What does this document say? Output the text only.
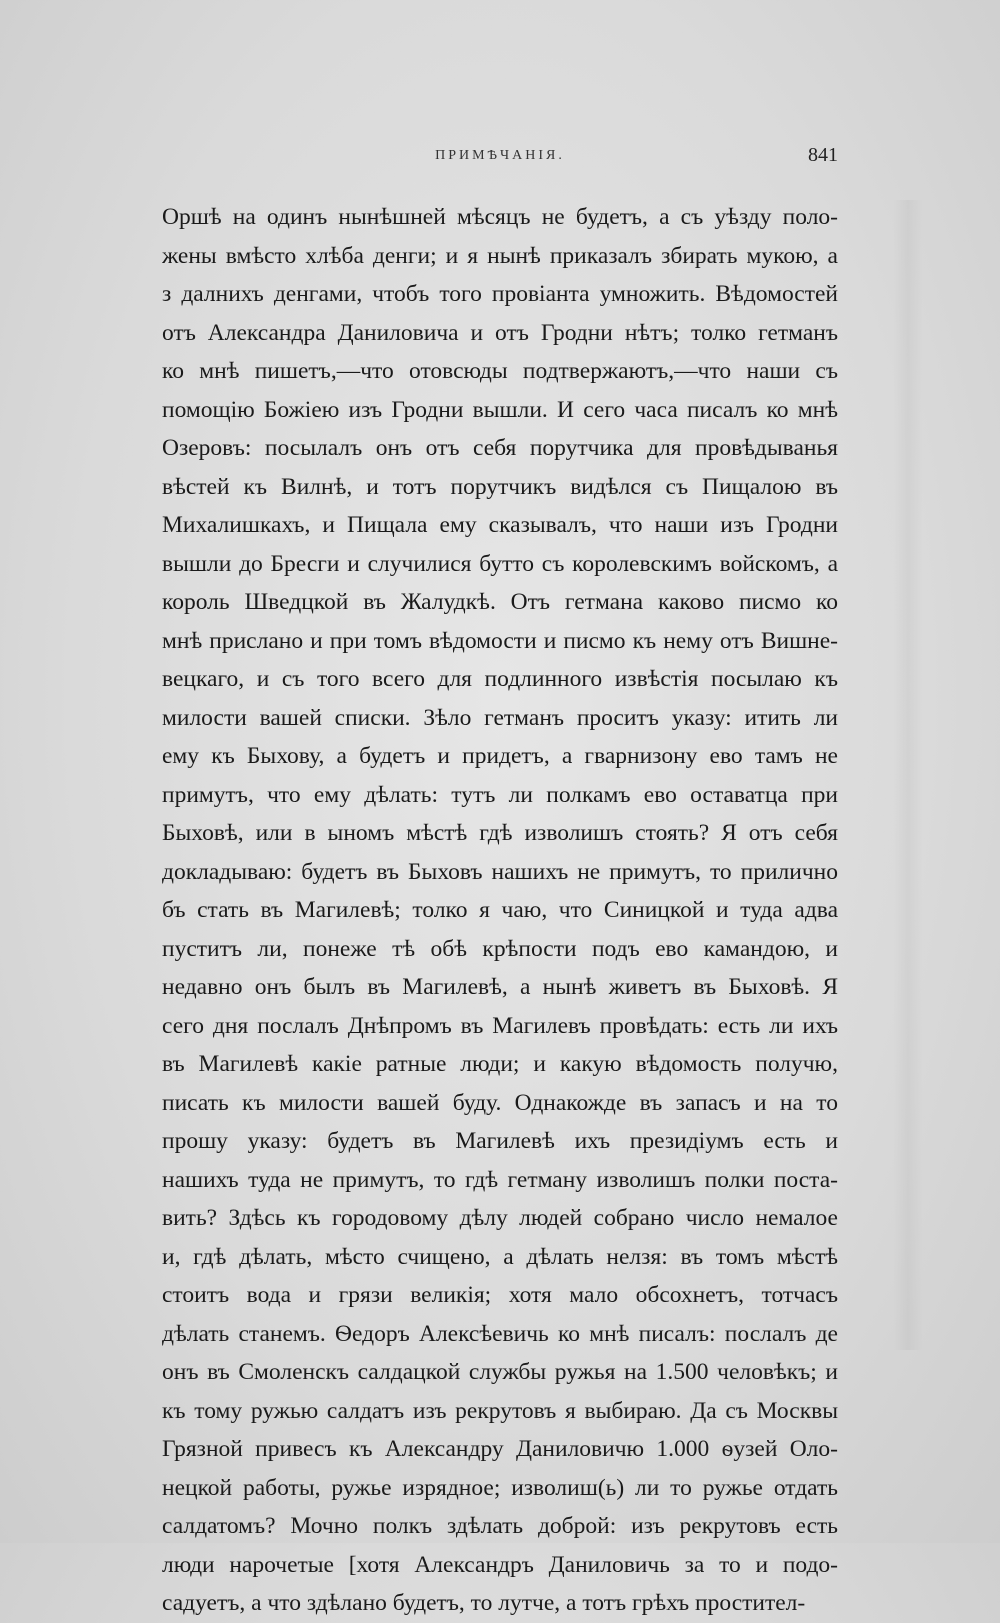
ПРИМѢЧАНІЯ.	841
Оршѣ на одинъ нынѣшней мѣсяцъ не будетъ, а съ уѣзду поло-
жены вмѣсто хлѣба денги; и я нынѣ приказалъ збирать мукою, а
з далнихъ денгами, чтобъ того провіанта умножить. Вѣдомостей
отъ Александра Даниловича и отъ Гродни нѣтъ; толко гетманъ
ко мнѣ пишетъ,—что отовсюды подтвержаютъ,—что наши съ
помощію Божіею изъ Гродни вышли. И сего часа писалъ ко мнѣ
Озеровъ: посылалъ онъ отъ себя порутчика для провѣдыванья
вѣстей къ Вилнѣ, и тотъ порутчикъ видѣлся съ Пищалою въ
Михалишкахъ, и Пищала ему сказывалъ, что наши изъ Гродни
вышли до Бресги и случилися бутто съ королевскимъ войскомъ, а
король Шведцкой въ Жалудкѣ. Отъ гетмана каково писмо ко
мнѣ прислано и при томъ вѣдомости и писмо къ нему отъ Вишне-
вецкаго, и съ того всего для подлинного извѣстія посылаю къ
милости вашей списки. Зѣло гетманъ проситъ указу: итить ли
ему къ Быхову, а будетъ и придетъ, а гварнизону ево тамъ не
примутъ, что ему дѣлать: тутъ ли полкамъ ево оставатца при
Быховѣ, или в ыномъ мѣстѣ гдѣ изволишъ стоять? Я отъ себя
докладываю: будетъ въ Быховъ нашихъ не примутъ, то прилично
бъ стать въ Магилевѣ; толко я чаю, что Синицкой и туда адва
пуститъ ли, понеже тѣ обѣ крѣпости подъ ево камандою, и
недавно онъ былъ въ Магилевѣ, а нынѣ живетъ въ Быховѣ. Я
сего дня послалъ Днѣпромъ въ Магилевъ провѣдать: есть ли ихъ
въ Магилевѣ какіе ратные люди; и какую вѣдомость получю,
писать къ милости вашей буду. Однакожде въ запасъ и на то
прошу указу: будетъ въ Магилевѣ ихъ президіумъ есть и
нашихъ туда не примутъ, то гдѣ гетману изволишъ полки поста-
вить? Здѣсь къ городовому дѣлу людей собрано число немалое
и, гдѣ дѣлать, мѣсто счищено, а дѣлать нелзя: въ томъ мѣстѣ
стоитъ вода и грязи великія; хотя мало обсохнетъ, тотчасъ
дѣлать станемъ. Ѳедоръ Алексѣевичь ко мнѣ писалъ: послалъ де
онъ въ Смоленскъ салдацкой службы ружья на 1.500 человѣкъ; и
къ тому ружью салдатъ изъ рекрутовъ я выбираю. Да съ Москвы
Грязной привесъ къ Александру Даниловичю 1.000 ѳузей Оло-
нецкой работы, ружье изрядное; изволиш(ь) ли то ружье отдать
салдатомъ? Мочно полкъ здѣлать доброй: изъ рекрутовъ есть
люди нарочетые [хотя Александръ Даниловичь за то и подо-
садуетъ, а что здѣлано будетъ, то лутче, а тотъ грѣхъ простител-
